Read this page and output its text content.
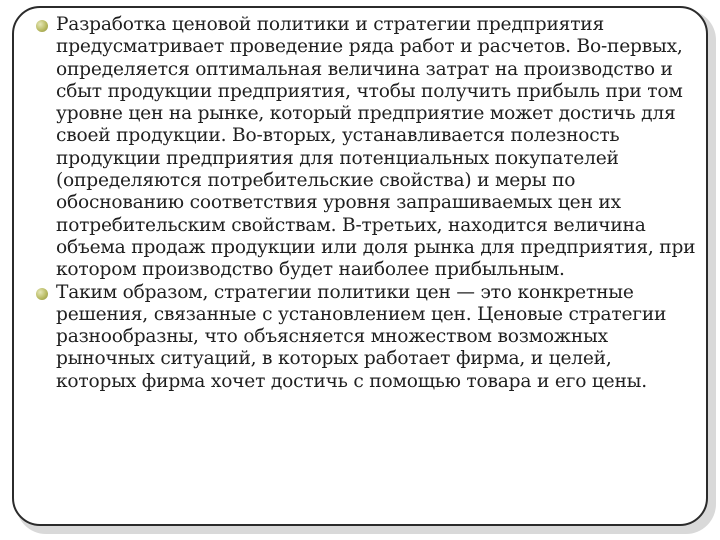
Разработка ценовой политики и стратегии предприятия предусматривает проведение ряда работ и расчетов. Во-первых, определяется оптимальная величина затрат на производство и сбыт продукции предприятия, чтобы получить прибыль при том уровне цен на рынке, который предприятие может достичь для своей продукции. Во-вторых, устанавливается полезность продукции предприятия для потенциальных покупателей (определяются потребительские свойства) и меры по обоснованию соответствия уровня запрашиваемых цен их потребительским свойствам. В-третьих, находится величина объема продаж продукции или доля рынка для предприятия, при котором производство будет наиболее прибыльным.
Таким образом, стратегии политики цен — это конкретные решения, связанные с установлением цен. Ценовые стратегии разнообразны, что объясняется множеством возможных рыночных ситуаций, в которых работает фирма, и целей, которых фирма хочет достичь с помощью товара и его цены.
